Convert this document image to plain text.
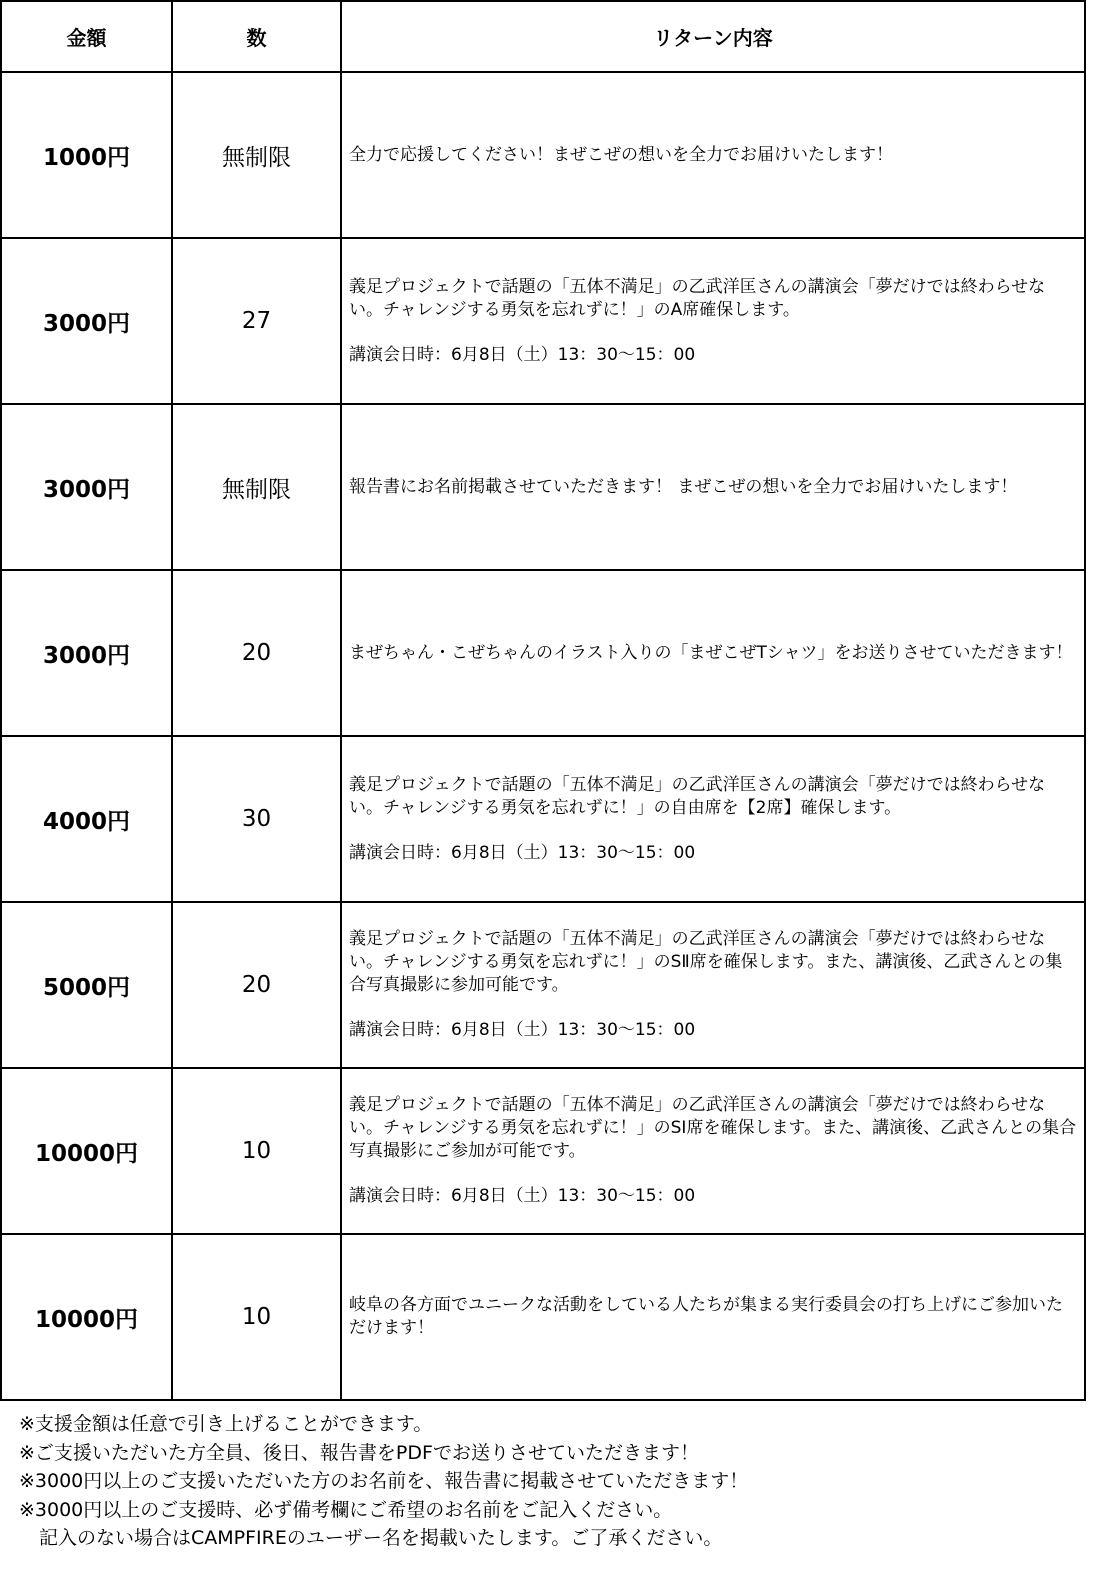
金額	数	リターン内容
1000円	無制限	全力で応援してください！まぜこぜの想いを全力でお届けいたします！

3000円	27	義足プロジェクトで話題の「五体不満足」の乙武洋匡さんの講演会「夢だけでは終わらせない。チャレンジする勇気を忘れずに！」のA席確保します。

講演会日時：6月8日（土）13：30〜15：00

3000円	無制限	報告書にお名前掲載させていただきます！ まぜこぜの想いを全力でお届けいたします！

3000円	20	まぜちゃん・こぜちゃんのイラスト入りの「まぜこぜTシャツ」をお送りさせていただきます！

4000円	30	義足プロジェクトで話題の「五体不満足」の乙武洋匡さんの講演会「夢だけでは終わらせない。チャレンジする勇気を忘れずに！」の自由席を【2席】確保します。

講演会日時：6月8日（土）13：30〜15：00

5000円	20	義足プロジェクトで話題の「五体不満足」の乙武洋匡さんの講演会「夢だけでは終わらせない。チャレンジする勇気を忘れずに！」のSⅡ席を確保します。また、講演後、乙武さんとの集合写真撮影に参加可能です。

講演会日時：6月8日（土）13：30〜15：00

10000円	10	義足プロジェクトで話題の「五体不満足」の乙武洋匡さんの講演会「夢だけでは終わらせない。チャレンジする勇気を忘れずに！」のSI席を確保します。また、講演後、乙武さんとの集合写真撮影にご参加が可能です。

講演会日時：6月8日（土）13：30〜15：00

10000円	10	岐阜の各方面でユニークな活動をしている人たちが集まる実行委員会の打ち上げにご参加いただけます！

※支援金額は任意で引き上げることができます。
※ご支援いただいた方全員、後日、報告書をPDFでお送りさせていただきます！
※3000円以上のご支援いただいた方のお名前を、報告書に掲載させていただきます！
※3000円以上のご支援時、必ず備考欄にご希望のお名前をご記入ください。
記入のない場合はCAMPFIREのユーザー名を掲載いたします。ご了承ください。
